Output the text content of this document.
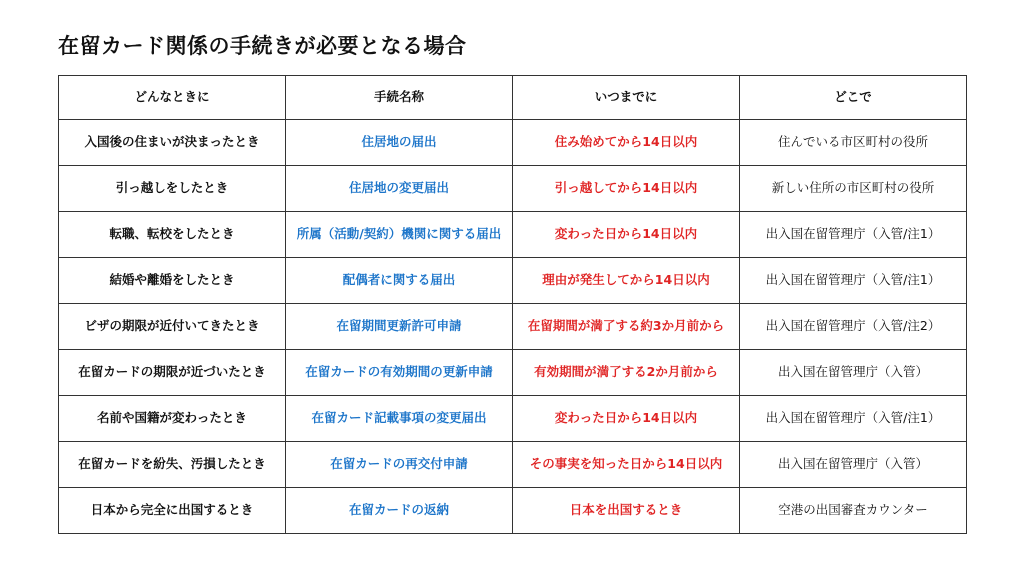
在留カード関係の手続きが必要となる場合
どんなときに	手続名称	いつまでに	どこで
入国後の住まいが決まったとき	住居地の届出	住み始めてから14日以内	住んでいる市区町村の役所
引っ越しをしたとき	住居地の変更届出	引っ越してから14日以内	新しい住所の市区町村の役所
転職、転校をしたとき	所属（活動/契約）機関に関する届出	変わった日から14日以内	出入国在留管理庁（入管/注1）
結婚や離婚をしたとき	配偶者に関する届出	理由が発生してから14日以内	出入国在留管理庁（入管/注1）
ビザの期限が近付いてきたとき	在留期間更新許可申請	在留期間が満了する約3か月前から	出入国在留管理庁（入管/注2）
在留カードの期限が近づいたとき	在留カードの有効期間の更新申請	有効期間が満了する2か月前から	出入国在留管理庁（入管）
名前や国籍が変わったとき	在留カード記載事項の変更届出	変わった日から14日以内	出入国在留管理庁（入管/注1）
在留カードを紛失、汚損したとき	在留カードの再交付申請	その事実を知った日から14日以内	出入国在留管理庁（入管）
日本から完全に出国するとき	在留カードの返納	日本を出国するとき	空港の出国審査カウンター
